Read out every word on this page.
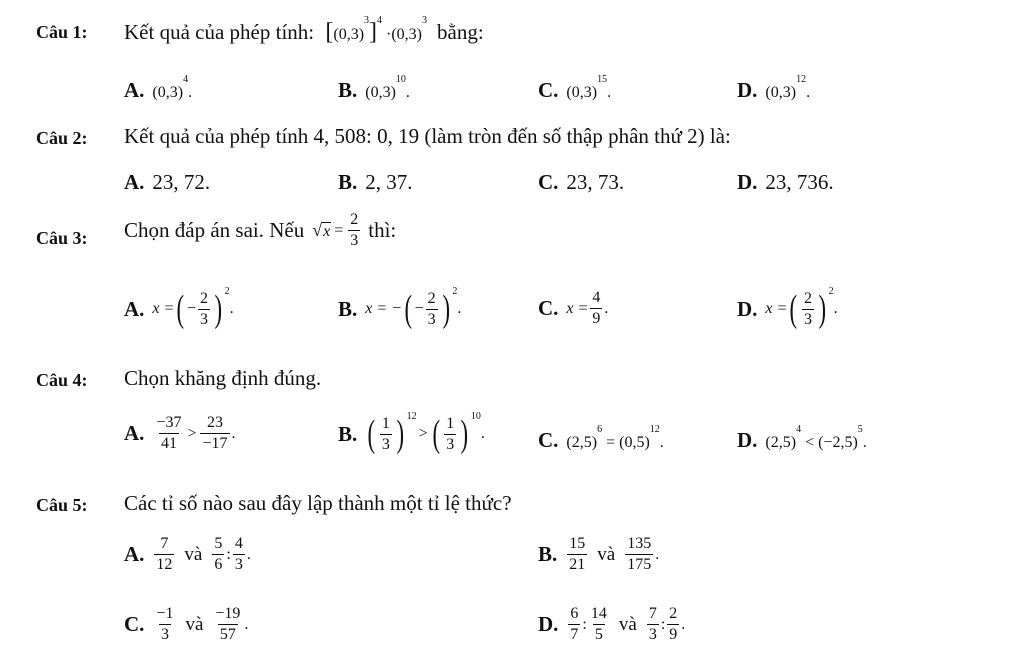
Câu 1: Kết quả của phép tính: $[(0,3)^3]^4 \cdot(0,3)^3$ bằng:
A. $(0,3)^4$.	B. $(0,3)^{10}$.	C. $(0,3)^{15}$.	D. $(0,3)^{12}$.
Câu 2: Kết quả của phép tính 4, 508: 0, 19 (làm tròn đến số thập phân thứ 2) là:
A. 23, 72.	B. 2, 37.	C. 23, 73.	D. 23, 736.
Câu 3: Chọn đáp án sai. Nếu $√x = \frac{2}{3}$ thì:
A. x = ( − $\frac{2}{3}$ ) $^2$
.	B. x = − ( − $\frac{2}{3}$ ) $^2$
.	C. $x = \frac{4}{9}$ .	D. x = ( $\frac{2}{3}$ ) $^2$
.
Câu 4: Chọn khăng định đúng.
A. $\frac{-37}{41} > \frac{23}{-17}$ .	B. ( $\frac{1}{3}$ ) $^{12}$
> ( $\frac{1}{3}$ ) $^{10}$
.	C. $(2,5)^6 = (0,5)^{12}$.	D. $(2,5)^4 < (-2,5)^5$.
Câu 5: Các tỉ số nào sau đây lập thành một tỉ lệ thức?
A. $\frac{7}{12}$ và $\frac{5}{6}$ : $\frac{4}{3}$ .	B. $\frac{15}{21}$ và $\frac{135}{175}$ .
C. $\frac{-1}{3}$ và $\frac{-19}{57}$ .	D. $\frac{6}{7}$ : $\frac{14}{5}$ và $\frac{7}{3}$ : $\frac{2}{9}$ .
